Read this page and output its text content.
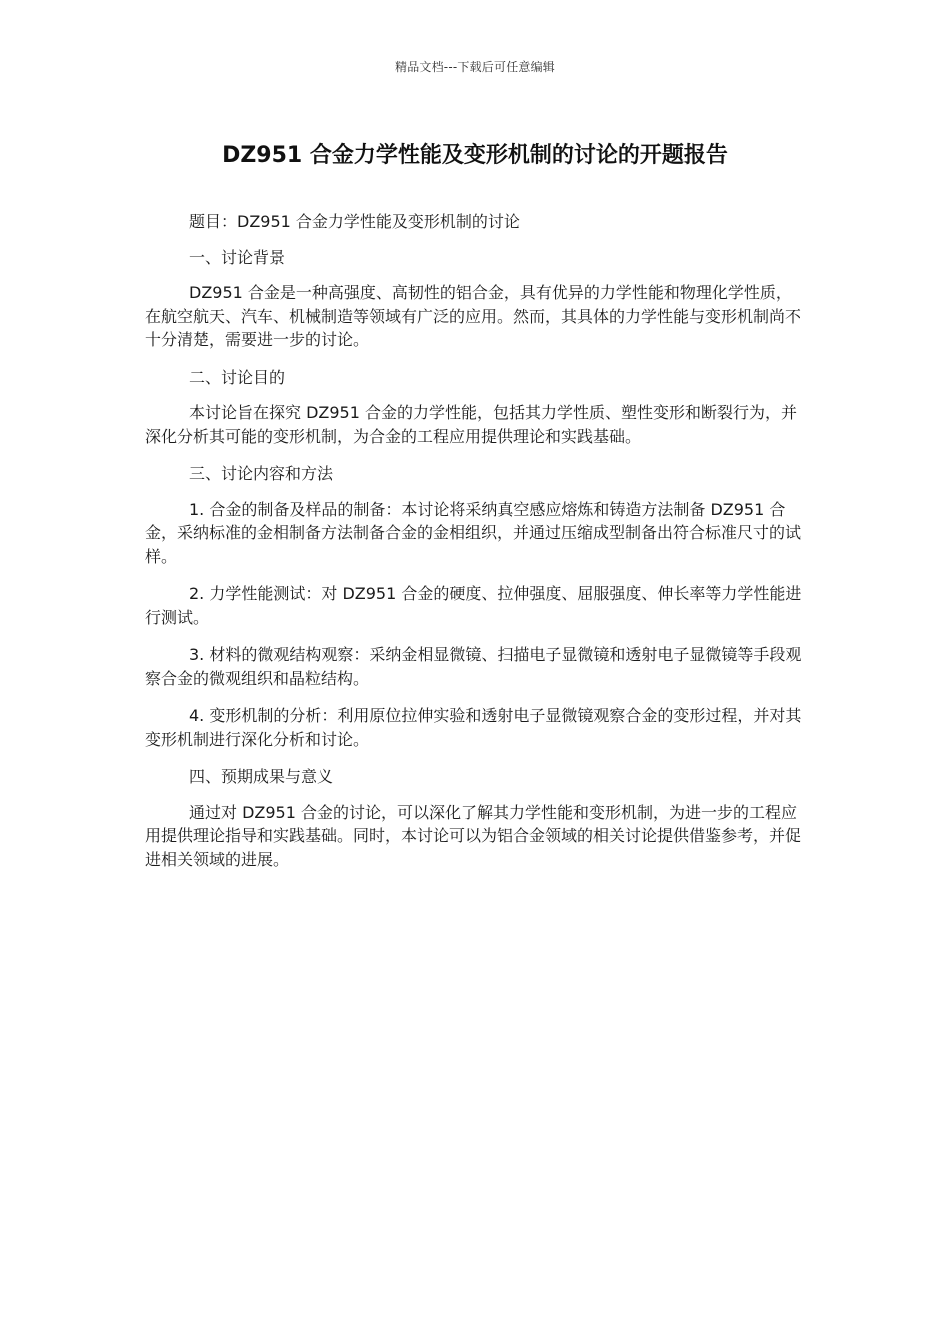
精品文档---下载后可任意编辑
DZ951 合金力学性能及变形机制的讨论的开题报告

题目：DZ951 合金力学性能及变形机制的讨论

一、讨论背景

DZ951 合金是一种高强度、高韧性的铝合金，具有优异的力学性能和物理化学性质，在航空航天、汽车、机械制造等领域有广泛的应用。然而，其具体的力学性能与变形机制尚不十分清楚，需要进一步的讨论。

二、讨论目的

本讨论旨在探究 DZ951 合金的力学性能，包括其力学性质、塑性变形和断裂行为，并深化分析其可能的变形机制，为合金的工程应用提供理论和实践基础。

三、讨论内容和方法

1. 合金的制备及样品的制备：本讨论将采纳真空感应熔炼和铸造方法制备 DZ951 合金，采纳标准的金相制备方法制备合金的金相组织，并通过压缩成型制备出符合标准尺寸的试样。

2. 力学性能测试：对 DZ951 合金的硬度、拉伸强度、屈服强度、伸长率等力学性能进行测试。

3. 材料的微观结构观察：采纳金相显微镜、扫描电子显微镜和透射电子显微镜等手段观察合金的微观组织和晶粒结构。

4. 变形机制的分析：利用原位拉伸实验和透射电子显微镜观察合金的变形过程，并对其变形机制进行深化分析和讨论。

四、预期成果与意义

通过对 DZ951 合金的讨论，可以深化了解其力学性能和变形机制，为进一步的工程应用提供理论指导和实践基础。同时，本讨论可以为铝合金领域的相关讨论提供借鉴参考，并促进相关领域的进展。
